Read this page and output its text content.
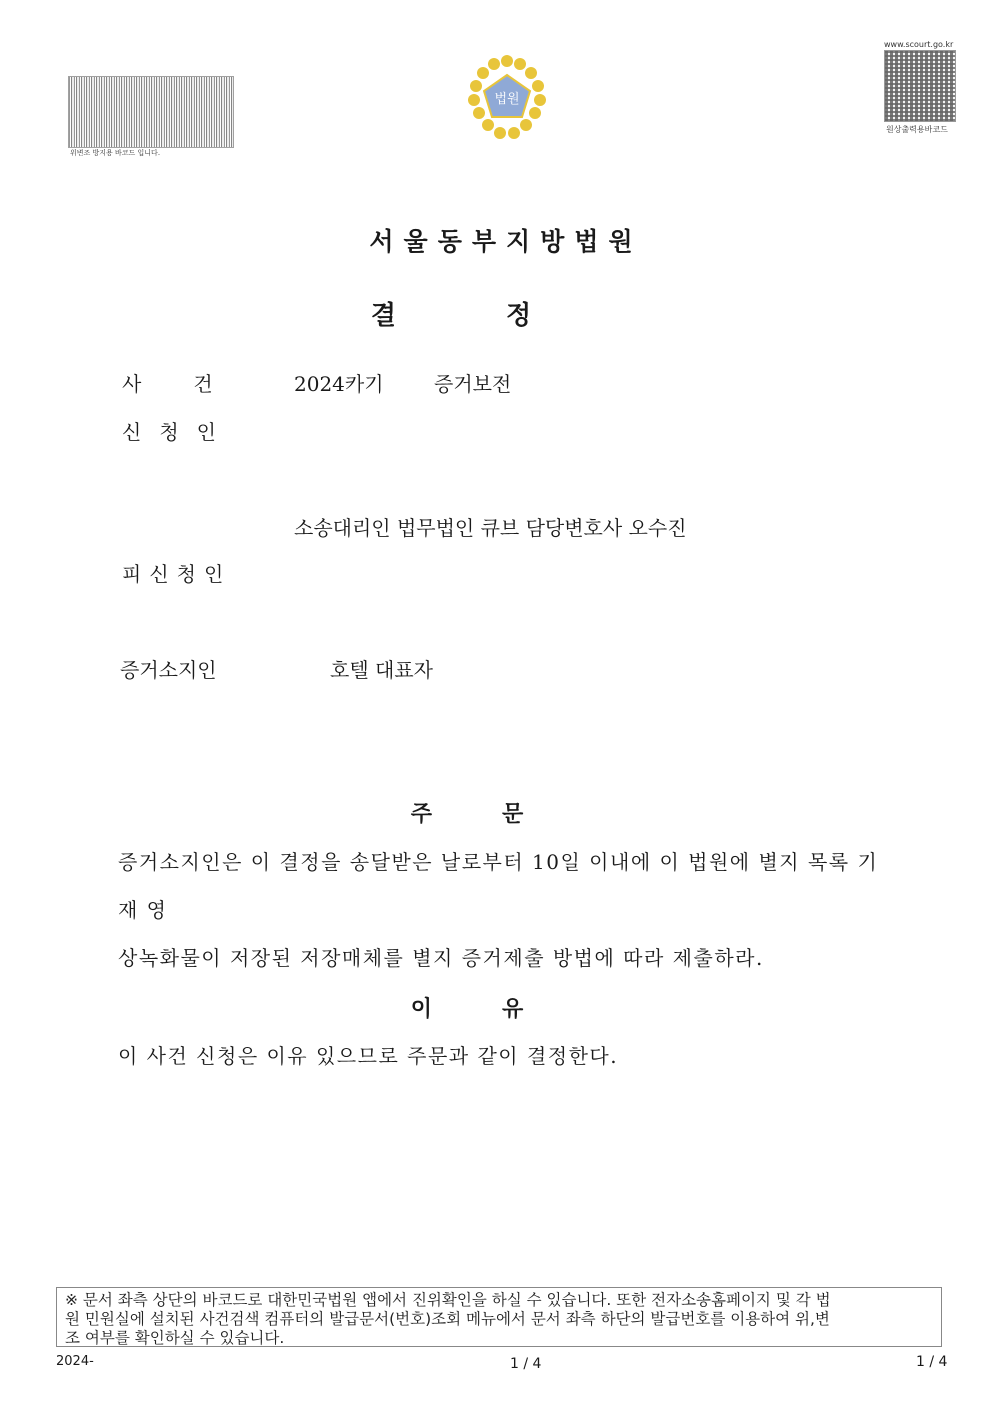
위변조 방지용 바코드 입니다.
법원
www.scourt.go.kr
원상출력용바코드
서울동부지방법원
결정
사건 2024카기	증거보전
신청인
소송대리인 법무법인 큐브 담당변호사 오수진
피신청인
증거소지인	호텔 대표자
주문
증거소지인은 이 결정을 송달받은 날로부터 10일 이내에 이 법원에 별지 목록 기재 영
상녹화물이 저장된 저장매체를 별지 증거제출 방법에 따라 제출하라.
이유
이 사건 신청은 이유 있으므로 주문과 같이 결정한다.
※ 문서 좌측 상단의 바코드로 대한민국법원 앱에서 진위확인을 하실 수 있습니다. 또한 전자소송홈페이지 및 각 법
원 민원실에 설치된 사건검색 컴퓨터의 발급문서(번호)조회 메뉴에서 문서 좌측 하단의 발급번호를 이용하여 위,변
조 여부를 확인하실 수 있습니다.
2024-	1 / 4	1 / 4
